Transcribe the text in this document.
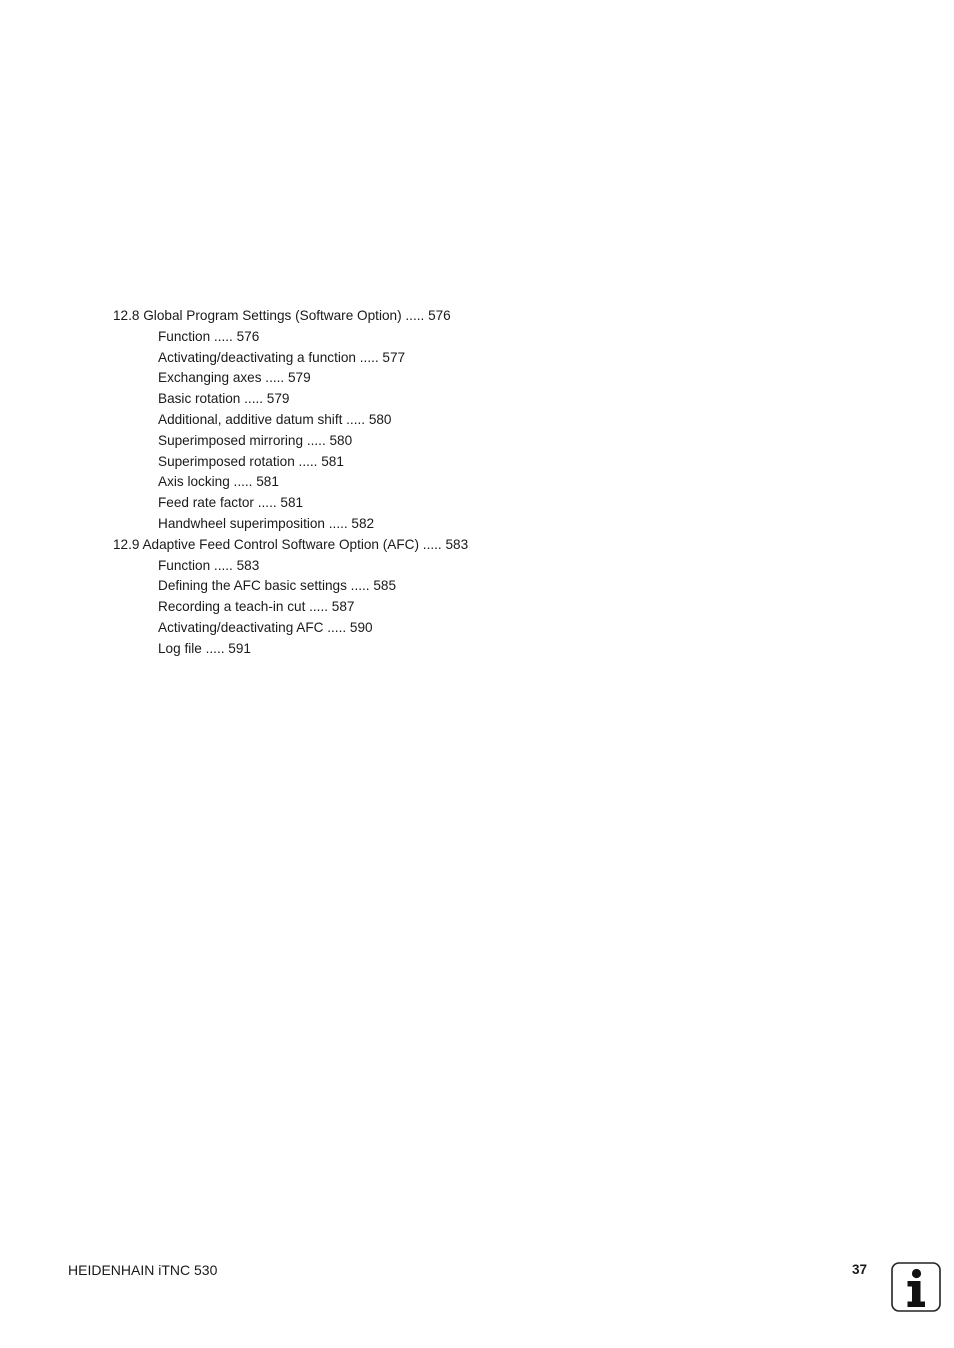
12.8 Global Program Settings (Software Option) ..... 576
Function ..... 576
Activating/deactivating a function ..... 577
Exchanging axes ..... 579
Basic rotation ..... 579
Additional, additive datum shift ..... 580
Superimposed mirroring ..... 580
Superimposed rotation ..... 581
Axis locking ..... 581
Feed rate factor ..... 581
Handwheel superimposition ..... 582
12.9 Adaptive Feed Control Software Option (AFC) ..... 583
Function ..... 583
Defining the AFC basic settings ..... 585
Recording a teach-in cut ..... 587
Activating/deactivating AFC ..... 590
Log file ..... 591
HEIDENHAIN iTNC 530	37
